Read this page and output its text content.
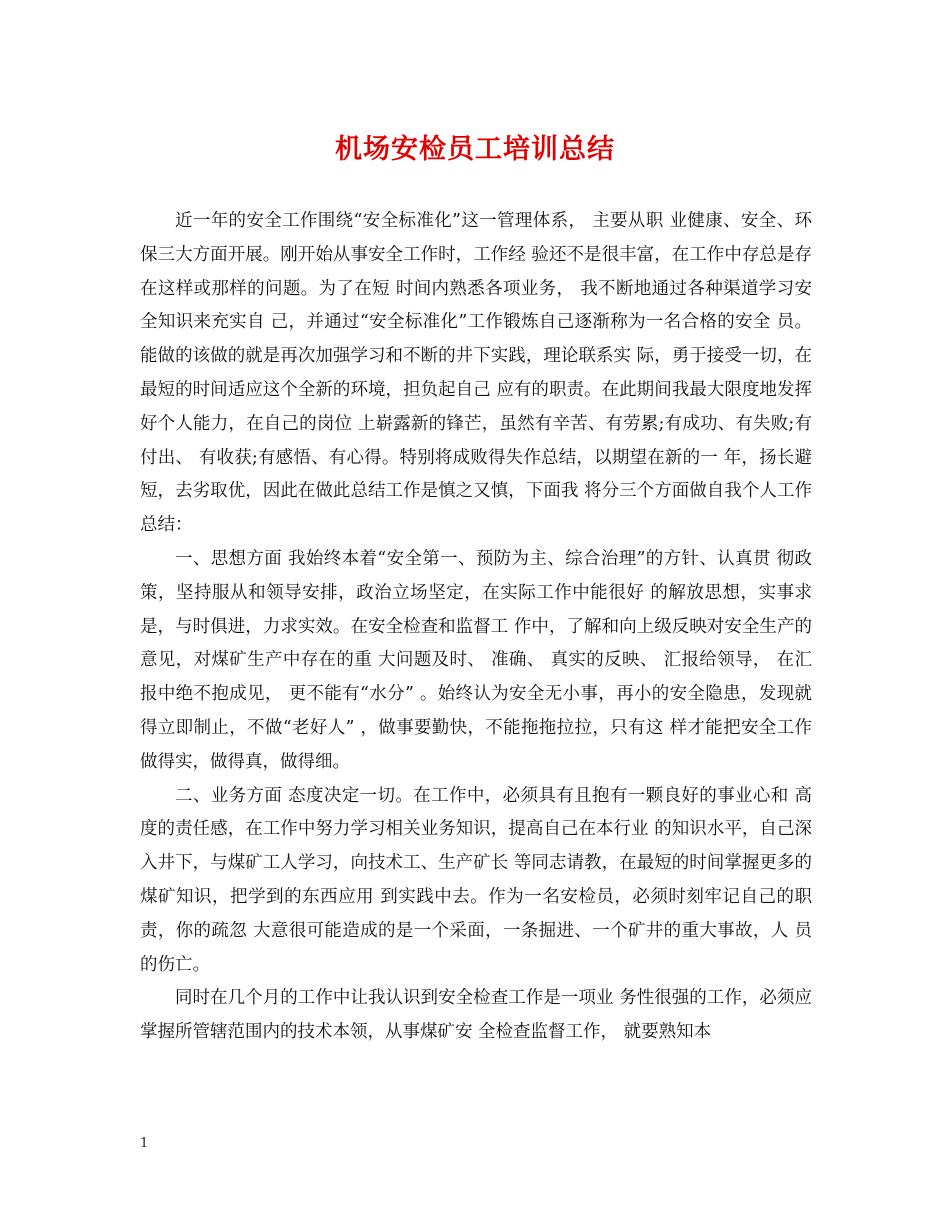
机场安检员工培训总结

近一年的安全工作围绕“安全标准化”这一管理体系， 主要从职 业健康、安全、环保三大方面开展。刚开始从事安全工作时，工作经 验还不是很丰富，在工作中存总是存在这样或那样的问题。为了在短 时间内熟悉各项业务， 我不断地通过各种渠道学习安全知识来充实自 己，并通过“安全标准化”工作锻炼自己逐渐称为一名合格的安全 员。能做的该做的就是再次加强学习和不断的井下实践，理论联系实 际，勇于接受一切，在最短的时间适应这个全新的环境，担负起自己 应有的职责。在此期间我最大限度地发挥好个人能力，在自己的岗位 上崭露新的锋芒，虽然有辛苦、有劳累;有成功、有失败;有付出、 有收获;有感悟、有心得。特别将成败得失作总结，以期望在新的一 年，扬长避短，去劣取优，因此在做此总结工作是慎之又慎，下面我 将分三个方面做自我个人工作总结：

一、思想方面 我始终本着“安全第一、预防为主、综合治理”的方针、认真贯 彻政策，坚持服从和领导安排，政治立场坚定，在实际工作中能很好 的解放思想，实事求是，与时俱进，力求实效。在安全检查和监督工 作中，了解和向上级反映对安全生产的意见，对煤矿生产中存在的重 大问题及时、 准确、 真实的反映、 汇报给领导， 在汇报中绝不抱成见， 更不能有“水分” 。始终认为安全无小事，再小的安全隐患，发现就 得立即制止，不做“老好人” ，做事要勤快，不能拖拖拉拉，只有这 样才能把安全工作做得实，做得真，做得细。

二、业务方面 态度决定一切。在工作中，必须具有且抱有一颗良好的事业心和 高度的责任感，在工作中努力学习相关业务知识，提高自己在本行业 的知识水平，自己深入井下，与煤矿工人学习，向技术工、生产矿长 等同志请教，在最短的时间掌握更多的煤矿知识，把学到的东西应用 到实践中去。作为一名安检员，必须时刻牢记自己的职责，你的疏忽 大意很可能造成的是一个采面，一条掘进、一个矿井的重大事故，人 员的伤亡。

同时在几个月的工作中让我认识到安全检查工作是一项业 务性很强的工作，必须应掌握所管辖范围内的技术本领，从事煤矿安 全检查监督工作， 就要熟知本

1
